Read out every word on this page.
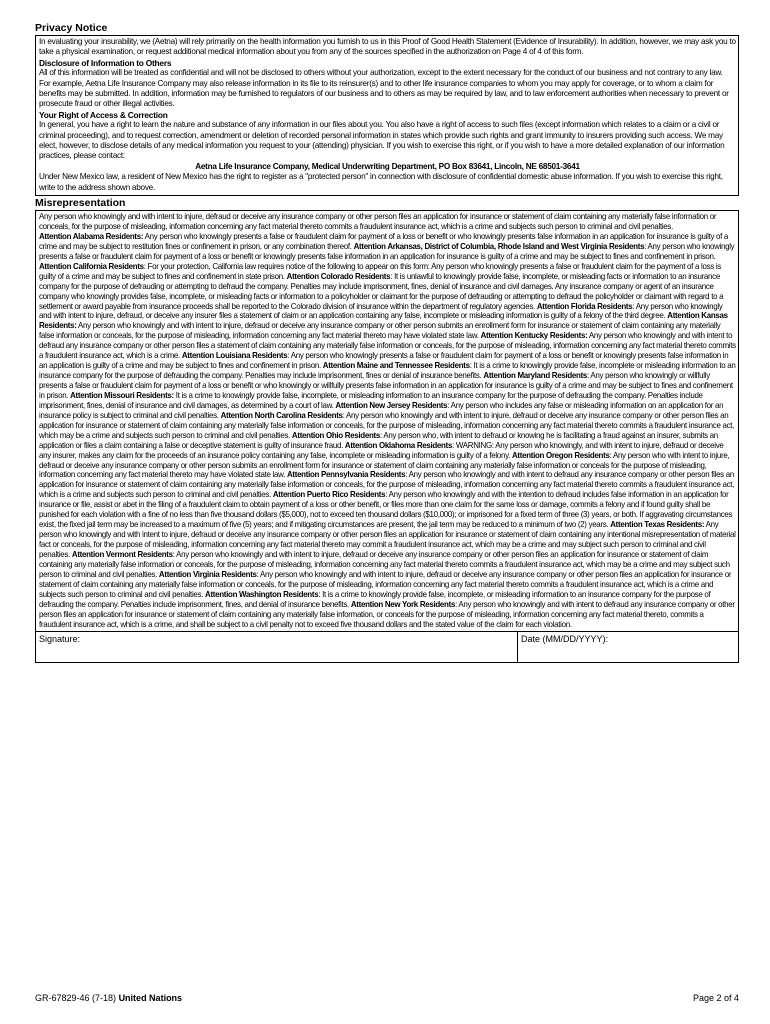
Privacy Notice

In evaluating your insurability, we (Aetna) will rely primarily on the health information you furnish to us in this Proof of Good Health Statement (Evidence of Insurability). In addition, however, we may ask you to take a physical examination, or request additional medical information about you from any of the sources specified in the authorization on Page 4 of 4 of this form.

Disclosure of Information to Others

All of this information will be treated as confidential and will not be disclosed to others without your authorization, except to the extent necessary for the conduct of our business and not contrary to any law. For example, Aetna Life Insurance Company may also release information in its file to its reinsurer(s) and to other life insurance companies to whom you may apply for coverage, or to whom a claim for benefits may be submitted. In addition, information may be furnished to regulators of our business and to others as may be required by law, and to law enforcement authorities when necessary to prevent or prosecute fraud or other illegal activities.

Your Right of Access & Correction

In general, you have a right to learn the nature and substance of any information in our files about you. You also have a right of access to such files (except information which relates to a claim or a civil or criminal proceeding), and to request correction, amendment or deletion of recorded personal information in states which provide such rights and grant immunity to insurers providing such access. We may elect, however, to disclose details of any medical information you request to your (attending) physician. If you wish to exercise this right, or if you wish to have a more detailed explanation of our information practices, please contact:

Aetna Life Insurance Company, Medical Underwriting Department, PO Box 83641, Lincoln, NE 68501-3641

Under New Mexico law, a resident of New Mexico has the right to register as a "protected person" in connection with disclosure of confidential domestic abuse information. If you wish to exercise this right, write to the address shown above.

Misrepresentation

Any person who knowingly and with intent to injure, defraud or deceive any insurance company or other person files an application for insurance or statement of claim containing any materially false information or conceals, for the purpose of misleading, information concerning any fact material thereto commits a fraudulent insurance act, which is a crime and subjects such person to criminal and civil penalties.
Attention Alabama Residents: Any person who knowingly presents a false or fraudulent claim for payment of a loss or benefit or who knowingly presents false information in an application for insurance is guilty of a crime and may be subject to restitution fines or confinement in prison, or any combination thereof. Attention Arkansas, District of Columbia, Rhode Island and West Virginia Residents: Any person who knowingly presents a false or fraudulent claim for payment of a loss or benefit or knowingly presents false information in an application for insurance is guilty of a crime and may be subject to fines and confinement in prison. Attention California Residents: For your protection, California law requires notice of the following to appear on this form: Any person who knowingly presents a false or fraudulent claim for the payment of a loss is guilty of a crime and may be subject to fines and confinement in state prison. Attention Colorado Residents: It is unlawful to knowingly provide false, incomplete, or misleading facts or information to an insurance company for the purpose of defrauding or attempting to defraud the company. Penalties may include imprisonment, fines, denial of insurance and civil damages. Any insurance company or agent of an insurance company who knowingly provides false, incomplete, or misleading facts or information to a policyholder or claimant for the purpose of defrauding or attempting to defraud the policyholder or claimant with regard to a settlement or award payable from insurance proceeds shall be reported to the Colorado division of insurance within the department of regulatory agencies. Attention Florida Residents: Any person who knowingly and with intent to injure, defraud, or deceive any insurer files a statement of claim or an application containing any false, incomplete or misleading information is guilty of a felony of the third degree. Attention Kansas Residents: Any person who knowingly and with intent to injure, defraud or deceive any insurance company or other person submits an enrollment form for insurance or statement of claim containing any materially false information or conceals, for the purpose of misleading, information concerning any fact material thereto may have violated state law. Attention Kentucky Residents: Any person who knowingly and with intent to defraud any insurance company or other person files a statement of claim containing any materially false information or conceals, for the purpose of misleading, information concerning any fact material thereto commits a fraudulent insurance act, which is a crime. Attention Louisiana Residents: Any person who knowingly presents a false or fraudulent claim for payment of a loss or benefit or knowingly presents false information in an application is guilty of a crime and may be subject to fines and confinement in prison. Attention Maine and Tennessee Residents: It is a crime to knowingly provide false, incomplete or misleading information to an insurance company for the purpose of defrauding the company. Penalties may include imprisonment, fines or denial of insurance benefits. Attention Maryland Residents: Any person who knowingly or willfully presents a false or fraudulent claim for payment of a loss or benefit or who knowingly or willfully presents false information in an application for insurance is guilty of a crime and may be subject to fines and confinement in prison. Attention Missouri Residents: It is a crime to knowingly provide false, incomplete, or misleading information to an insurance company for the purpose of defrauding the company. Penalties include imprisonment, fines, denial of insurance and civil damages, as determined by a court of law. Attention New Jersey Residents: Any person who includes any false or misleading information on an application for an insurance policy is subject to criminal and civil penalties. Attention North Carolina Residents: Any person who knowingly and with intent to injure, defraud or deceive any insurance company or other person files an application for insurance or statement of claim containing any materially false information or conceals, for the purpose of misleading, information concerning any fact material thereto commits a fraudulent insurance act, which may be a crime and subjects such person to criminal and civil penalties. Attention Ohio Residents: Any person who, with intent to defraud or knowing he is facilitating a fraud against an insurer, submits an application or files a claim containing a false or deceptive statement is guilty of insurance fraud. Attention Oklahoma Residents: WARNING: Any person who knowingly, and with intent to injure, defraud or deceive any insurer, makes any claim for the proceeds of an insurance policy containing any false, incomplete or misleading information is guilty of a felony. Attention Oregon Residents: Any person who with intent to injure, defraud or deceive any insurance company or other person submits an enrollment form for insurance or statement of claim containing any materially false information or conceals for the purpose of misleading, information concerning any fact material thereto may have violated state law. Attention Pennsylvania Residents: Any person who knowingly and with intent to defraud any insurance company or other person files an application for insurance or statement of claim containing any materially false information or conceals, for the purpose of misleading, information concerning any fact material thereto commits a fraudulent insurance act, which is a crime and subjects such person to criminal and civil penalties. Attention Puerto Rico Residents: Any person who knowingly and with the intention to defraud includes false information in an application for insurance or file, assist or abet in the filing of a fraudulent claim to obtain payment of a loss or other benefit, or files more than one claim for the same loss or damage, commits a felony and if found guilty shall be punished for each violation with a fine of no less than five thousand dollars ($5,000), not to exceed ten thousand dollars ($10,000); or imprisoned for a fixed term of three (3) years, or both. If aggravating circumstances exist, the fixed jail term may be increased to a maximum of five (5) years; and if mitigating circumstances are present, the jail term may be reduced to a minimum of two (2) years. Attention Texas Residents: Any person who knowingly and with intent to injure, defraud or deceive any insurance company or other person files an application for insurance or statement of claim containing any intentional misrepresentation of material fact or conceals, for the purpose of misleading, information concerning any fact material thereto may commit a fraudulent insurance act, which may be a crime and may subject such person to criminal and civil penalties. Attention Vermont Residents: Any person who knowingly and with intent to injure, defraud or deceive any insurance company or other person files an application for insurance or statement of claim containing any materially false information or conceals, for the purpose of misleading, information concerning any fact material thereto commits a fraudulent insurance act, which may be a crime and may subject such person to criminal and civil penalties. Attention Virginia Residents: Any person who knowingly and with intent to injure, defraud or deceive any insurance company or other person files an application for insurance or statement of claim containing any materially false information or conceals, for the purpose of misleading, information concerning any fact material thereto commits a fraudulent insurance act, which is a crime and subjects such person to criminal and civil penalties. Attention Washington Residents: It is a crime to knowingly provide false, incomplete, or misleading information to an insurance company for the purpose of defrauding the company. Penalties include imprisonment, fines, and denial of insurance benefits. Attention New York Residents: Any person who knowingly and with intent to defraud any insurance company or other person files an application for insurance or statement of claim containing any materially false information, or conceals for the purpose of misleading, information concerning any fact material thereto, commits a fraudulent insurance act, which is a crime, and shall be subject to a civil penalty not to exceed five thousand dollars and the stated value of the claim for each violation.

Signature:	Date (MM/DD/YYYY):
GR-67829-46 (7-18) United Nations	Page 2 of 4
